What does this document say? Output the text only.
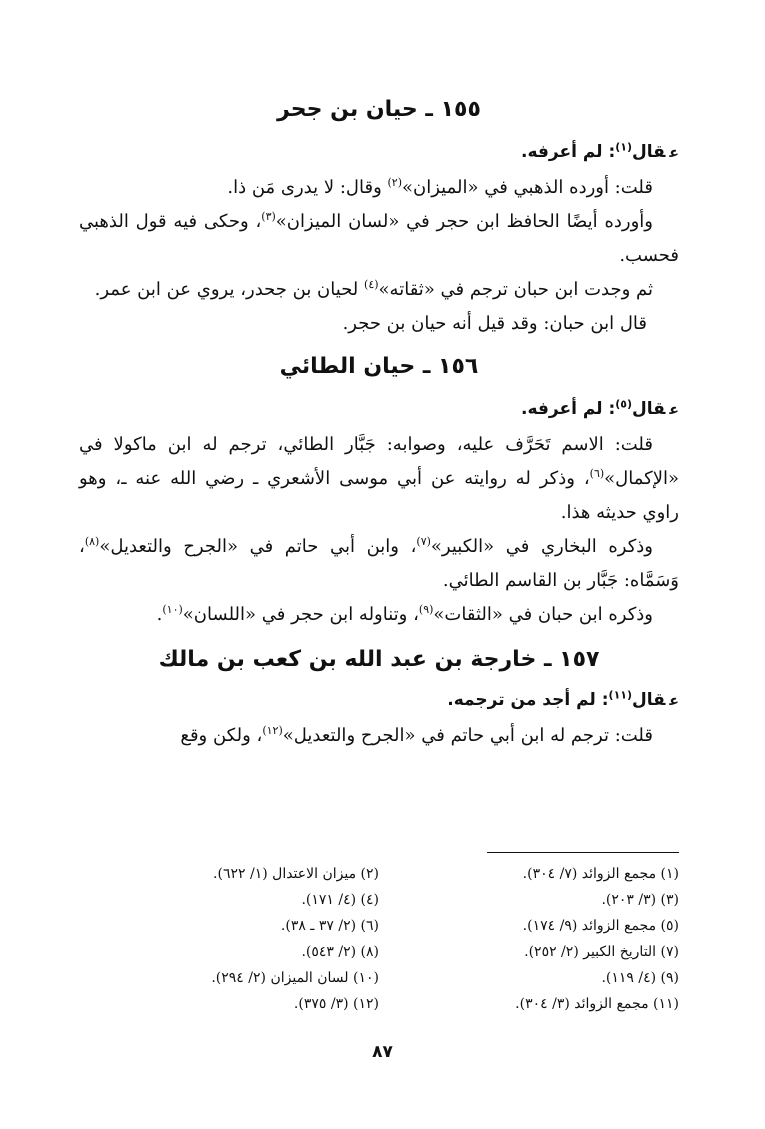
١٥٥ ـ حيان بن جحر

عقال$^{(١)}$: لم أعرفه.

قلت: أورده الذهبي في «الميزان»$^{(٢)}$ وقال: لا يدرى مَن ذا.

وأورده أيضًا الحافظ ابن حجر في «لسان الميزان»$^{(٣)}$، وحكى فيه قول الذهبي فحسب.

ثم وجدت ابن حبان ترجم في «ثقاته»$^{(٤)}$ لحيان بن جحدر، يروي عن ابن عمر.

قال ابن حبان: وقد قيل أنه حيان بن حجر.

١٥٦ ـ حيان الطائي

عقال$^{(٥)}$: لم أعرفه.

قلت: الاسم تَحَرَّف عليه، وصوابه: جَبَّار الطائي، ترجم له ابن ماكولا في «الإكمال»$^{(٦)}$، وذكر له روايته عن أبي موسى الأشعري ـ رضي الله عنه ـ، وهو راوي حديثه هذا.

وذكره البخاري في «الكبير»$^{(٧)}$، وابن أبي حاتم في «الجرح والتعديل»$^{(٨)}$، وَسَمَّاه: جَبَّار بن القاسم الطائي.

وذكره ابن حبان في «الثقات»$^{(٩)}$، وتناوله ابن حجر في «اللسان»$^{(١٠)}$.

١٥٧ ـ خارجة بن عبد الله بن كعب بن مالك

عقال$^{(١١)}$: لم أجد من ترجمه.

قلت: ترجم له ابن أبي حاتم في «الجرح والتعديل»$^{(١٢)}$، ولكن وقع

(١) مجمع الزوائد (٧/ ٣٠٤).
(٢) ميزان الاعتدال (١/ ٦٢٢).
(٣) (٣/ ٢٠٣).
(٤) (٤/ ١٧١).
(٥) مجمع الزوائد (٩/ ١٧٤).
(٦) (٢/ ٣٧ ـ ٣٨).
(٧) التاريخ الكبير (٢/ ٢٥٢).
(٨) (٢/ ٥٤٣).
(٩) (٤/ ١١٩).
(١٠) لسان الميزان (٢/ ٢٩٤).
(١١) مجمع الزوائد (٣/ ٣٠٤).
(١٢) (٣/ ٣٧٥).
٨٧
